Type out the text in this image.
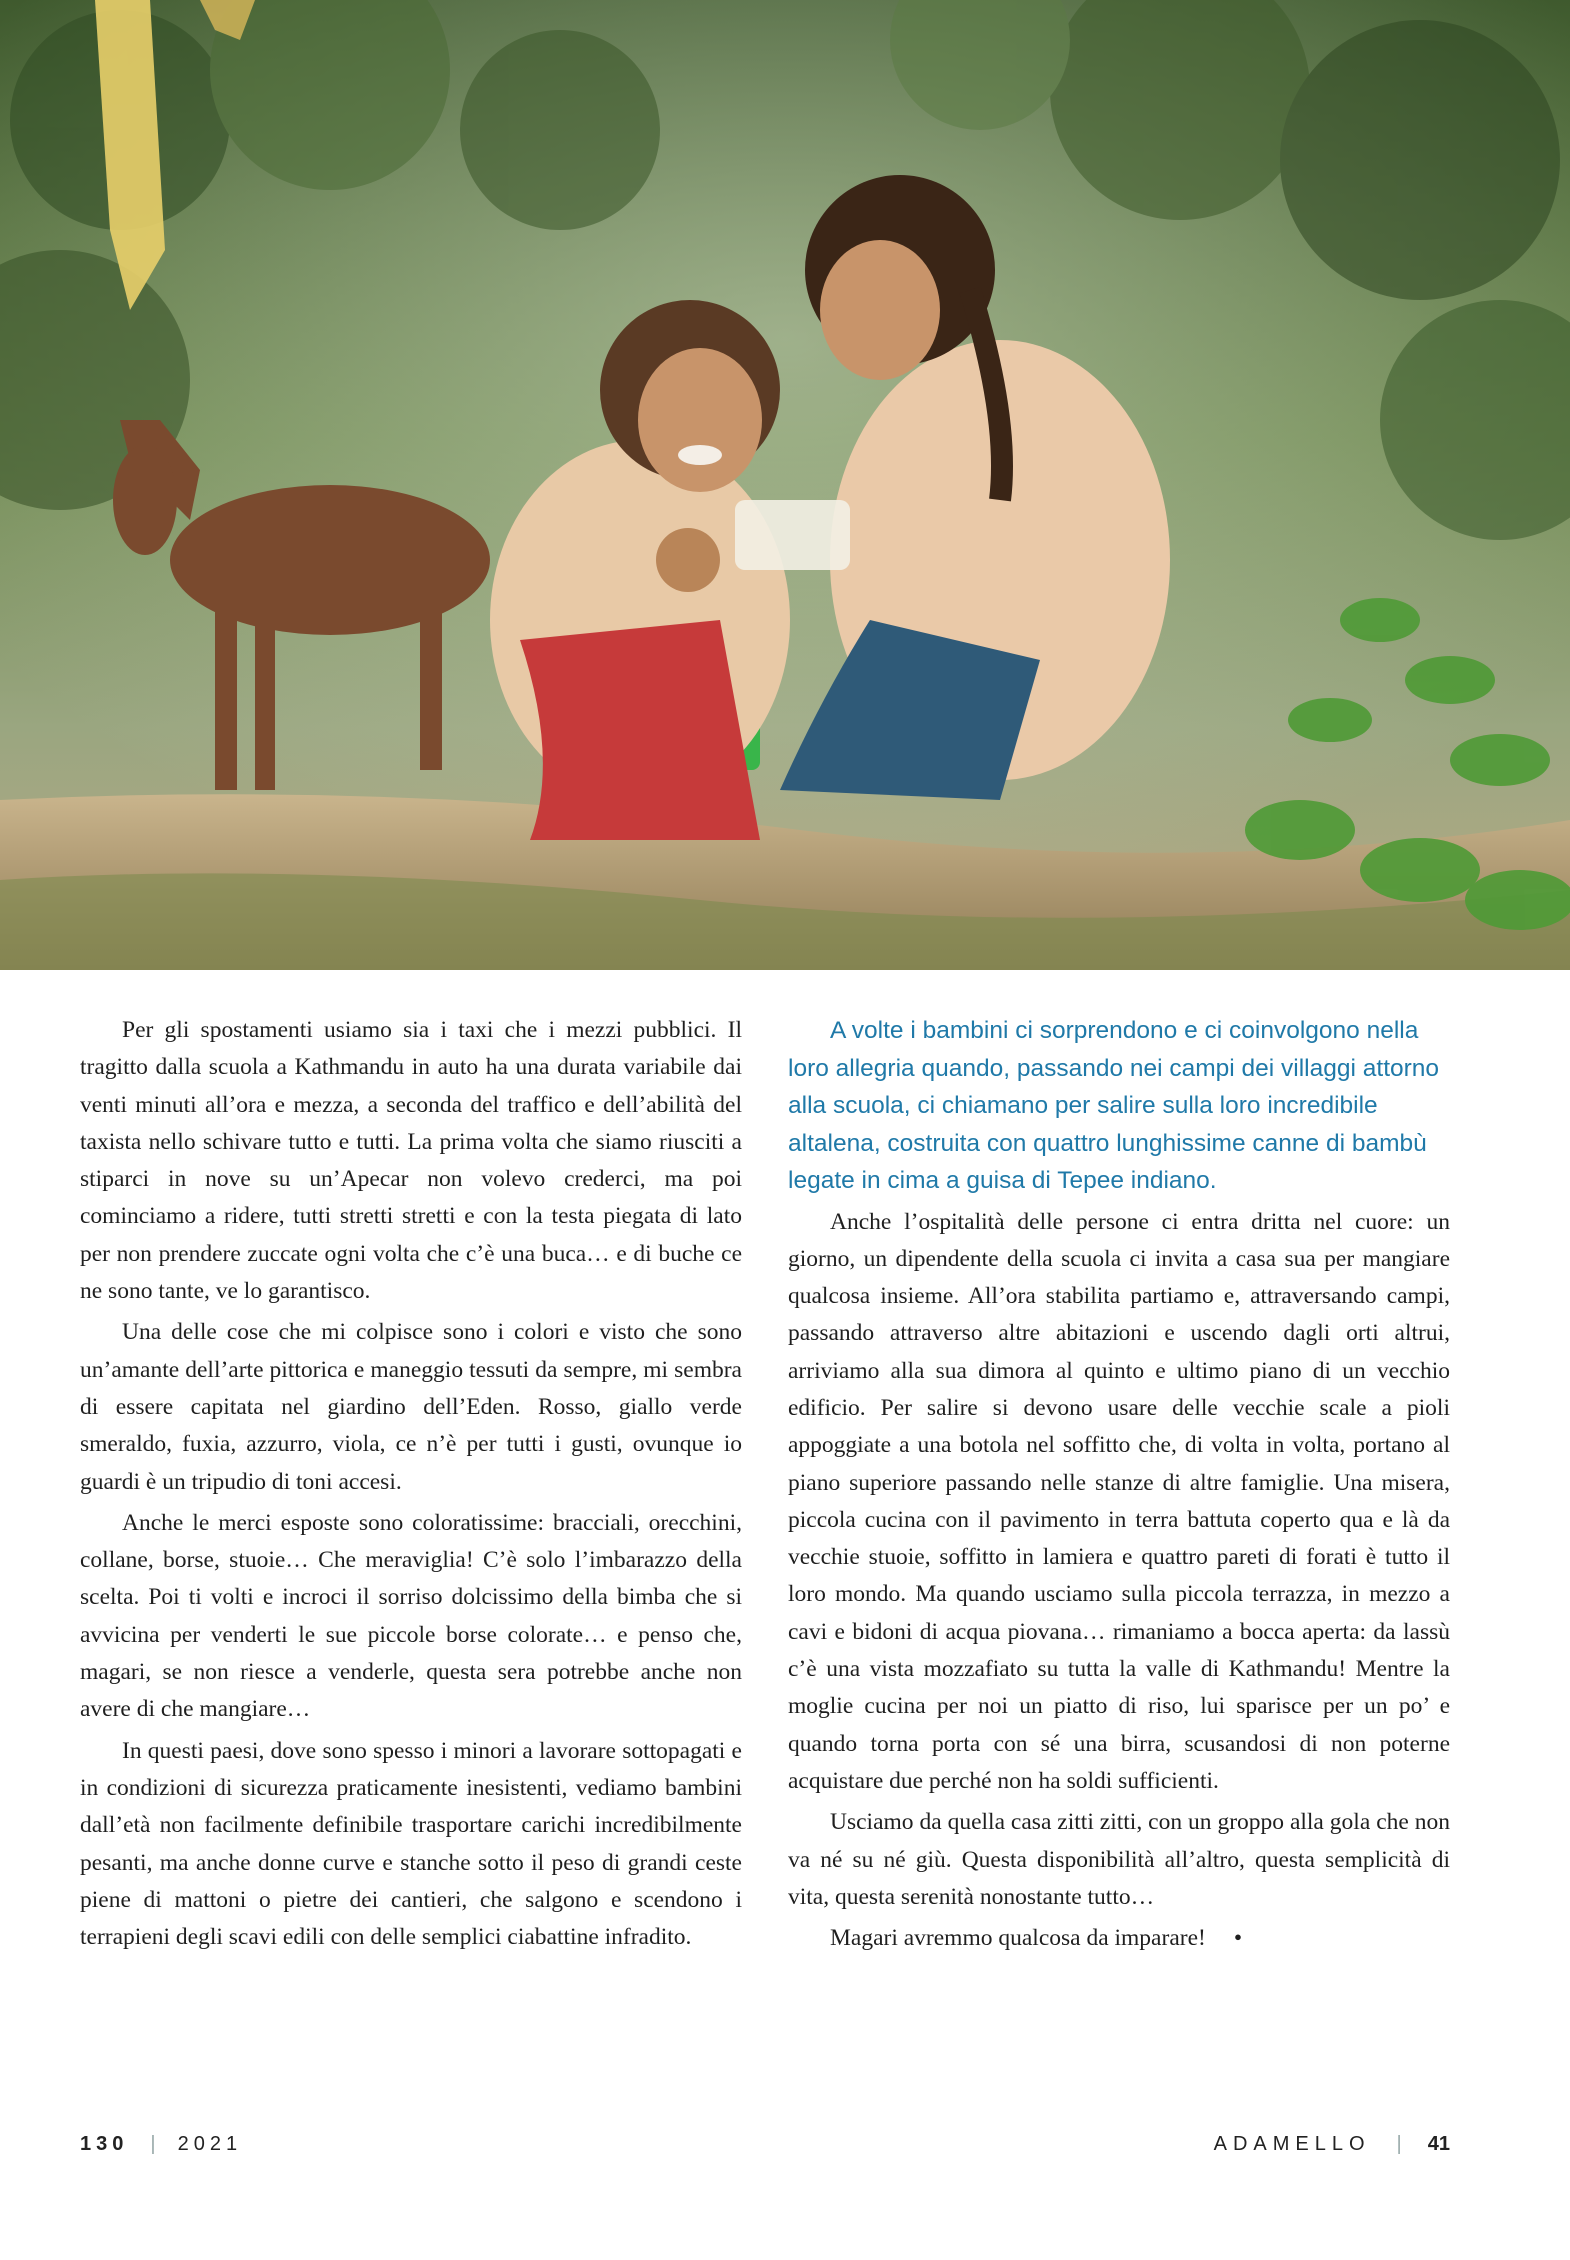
Per gli spostamenti usiamo sia i taxi che i mezzi pubblici. Il tragitto dalla scuola a Kathmandu in auto ha una durata variabile dai venti minuti all’ora e mezza, a seconda del traffico e dell’abilità del taxista nello schivare tutto e tutti. La prima volta che siamo riusciti a stiparci in nove su un’Apecar non volevo crederci, ma poi cominciamo a ridere, tutti stretti stretti e con la testa piegata di lato per non prendere zuccate ogni volta che c’è una buca… e di buche ce ne sono tante, ve lo garantisco.

Una delle cose che mi colpisce sono i colori e visto che sono un’amante dell’arte pittorica e maneggio tessuti da sempre, mi sembra di essere capitata nel giardino dell’Eden. Rosso, giallo verde smeraldo, fuxia, azzurro, viola, ce n’è per tutti i gusti, ovunque io guardi è un tripudio di toni accesi.

Anche le merci esposte sono coloratissime: bracciali, orecchini, collane, borse, stuoie… Che meraviglia! C’è solo l’imbarazzo della scelta. Poi ti volti e incroci il sorriso dolcissimo della bimba che si avvicina per venderti le sue piccole borse colorate… e penso che, magari, se non riesce a venderle, questa sera potrebbe anche non avere di che mangiare…

In questi paesi, dove sono spesso i minori a lavorare sottopagati e in condizioni di sicurezza praticamente inesistenti, vediamo bambini dall’età non facilmente definibile trasportare carichi incredibilmente pesanti, ma anche donne curve e stanche sotto il peso di grandi ceste piene di mattoni o pietre dei cantieri, che salgono e scendono i terrapieni degli scavi edili con delle semplici ciabattine infradito.

A volte i bambini ci sorprendono e ci coinvolgono nella loro allegria quando, passando nei campi dei villaggi attorno alla scuola, ci chiamano per salire sulla loro incredibile altalena, costruita con quattro lunghissime canne di bambù legate in cima a guisa di Tepee indiano.

Anche l’ospitalità delle persone ci entra dritta nel cuore: un giorno, un dipendente della scuola ci invita a casa sua per mangiare qualcosa insieme. All’ora stabilita partiamo e, attraversando campi, passando attraverso altre abitazioni e uscendo dagli orti altrui, arriviamo alla sua dimora al quinto e ultimo piano di un vecchio edificio. Per salire si devono usare delle vecchie scale a pioli appoggiate a una botola nel soffitto che, di volta in volta, portano al piano superiore passando nelle stanze di altre famiglie. Una misera, piccola cucina con il pavimento in terra battuta coperto qua e là da vecchie stuoie, soffitto in lamiera e quattro pareti di forati è tutto il loro mondo. Ma quando usciamo sulla piccola terrazza, in mezzo a cavi e bidoni di acqua piovana… rimaniamo a bocca aperta: da lassù c’è una vista mozzafiato su tutta la valle di Kathmandu! Mentre la moglie cucina per noi un piatto di riso, lui sparisce per un po’ e quando torna porta con sé una birra, scusandosi di non poterne acquistare due perché non ha soldi sufficienti.

Usciamo da quella casa zitti zitti, con un groppo alla gola che non va né su né giù. Questa disponibilità all’altro, questa semplicità di vita, questa serenità nonostante tutto…

Magari avremmo qualcosa da imparare! •

130 | 2021	ADAMELLO | 41
